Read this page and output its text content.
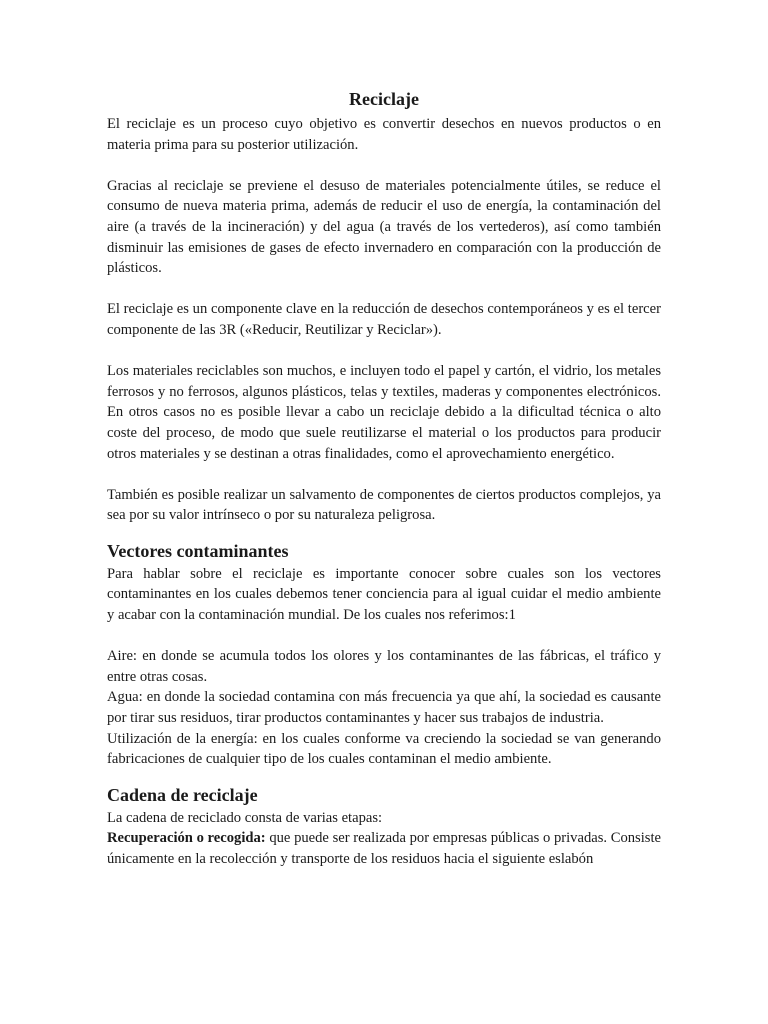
Reciclaje

El reciclaje es un proceso cuyo objetivo es convertir desechos en nuevos productos o en materia prima para su posterior utilización.

Gracias al reciclaje se previene el desuso de materiales potencialmente útiles, se reduce el consumo de nueva materia prima, además de reducir el uso de energía, la contaminación del aire (a través de la incineración) y del agua (a través de los vertederos), así como también disminuir las emisiones de gases de efecto invernadero en comparación con la producción de plásticos.

El reciclaje es un componente clave en la reducción de desechos contemporáneos y es el tercer componente de las 3R («Reducir, Reutilizar y Reciclar»).

Los materiales reciclables son muchos, e incluyen todo el papel y cartón, el vidrio, los metales ferrosos y no ferrosos, algunos plásticos, telas y textiles, maderas y componentes electrónicos. En otros casos no es posible llevar a cabo un reciclaje debido a la dificultad técnica o alto coste del proceso, de modo que suele reutilizarse el material o los productos para producir otros materiales y se destinan a otras finalidades, como el aprovechamiento energético.

También es posible realizar un salvamento de componentes de ciertos productos complejos, ya sea por su valor intrínseco o por su naturaleza peligrosa.

Vectores contaminantes

Para hablar sobre el reciclaje es importante conocer sobre cuales son los vectores contaminantes en los cuales debemos tener conciencia para al igual cuidar el medio ambiente y acabar con la contaminación mundial. De los cuales nos referimos:1

Aire: en donde se acumula todos los olores y los contaminantes de las fábricas, el tráfico y entre otras cosas.

Agua: en donde la sociedad contamina con más frecuencia ya que ahí, la sociedad es causante por tirar sus residuos, tirar productos contaminantes y hacer sus trabajos de industria.

Utilización de la energía: en los cuales conforme va creciendo la sociedad se van generando fabricaciones de cualquier tipo de los cuales contaminan el medio ambiente.

Cadena de reciclaje

La cadena de reciclado consta de varias etapas:

Recuperación o recogida: que puede ser realizada por empresas públicas o privadas. Consiste únicamente en la recolección y transporte de los residuos hacia el siguiente eslabón
